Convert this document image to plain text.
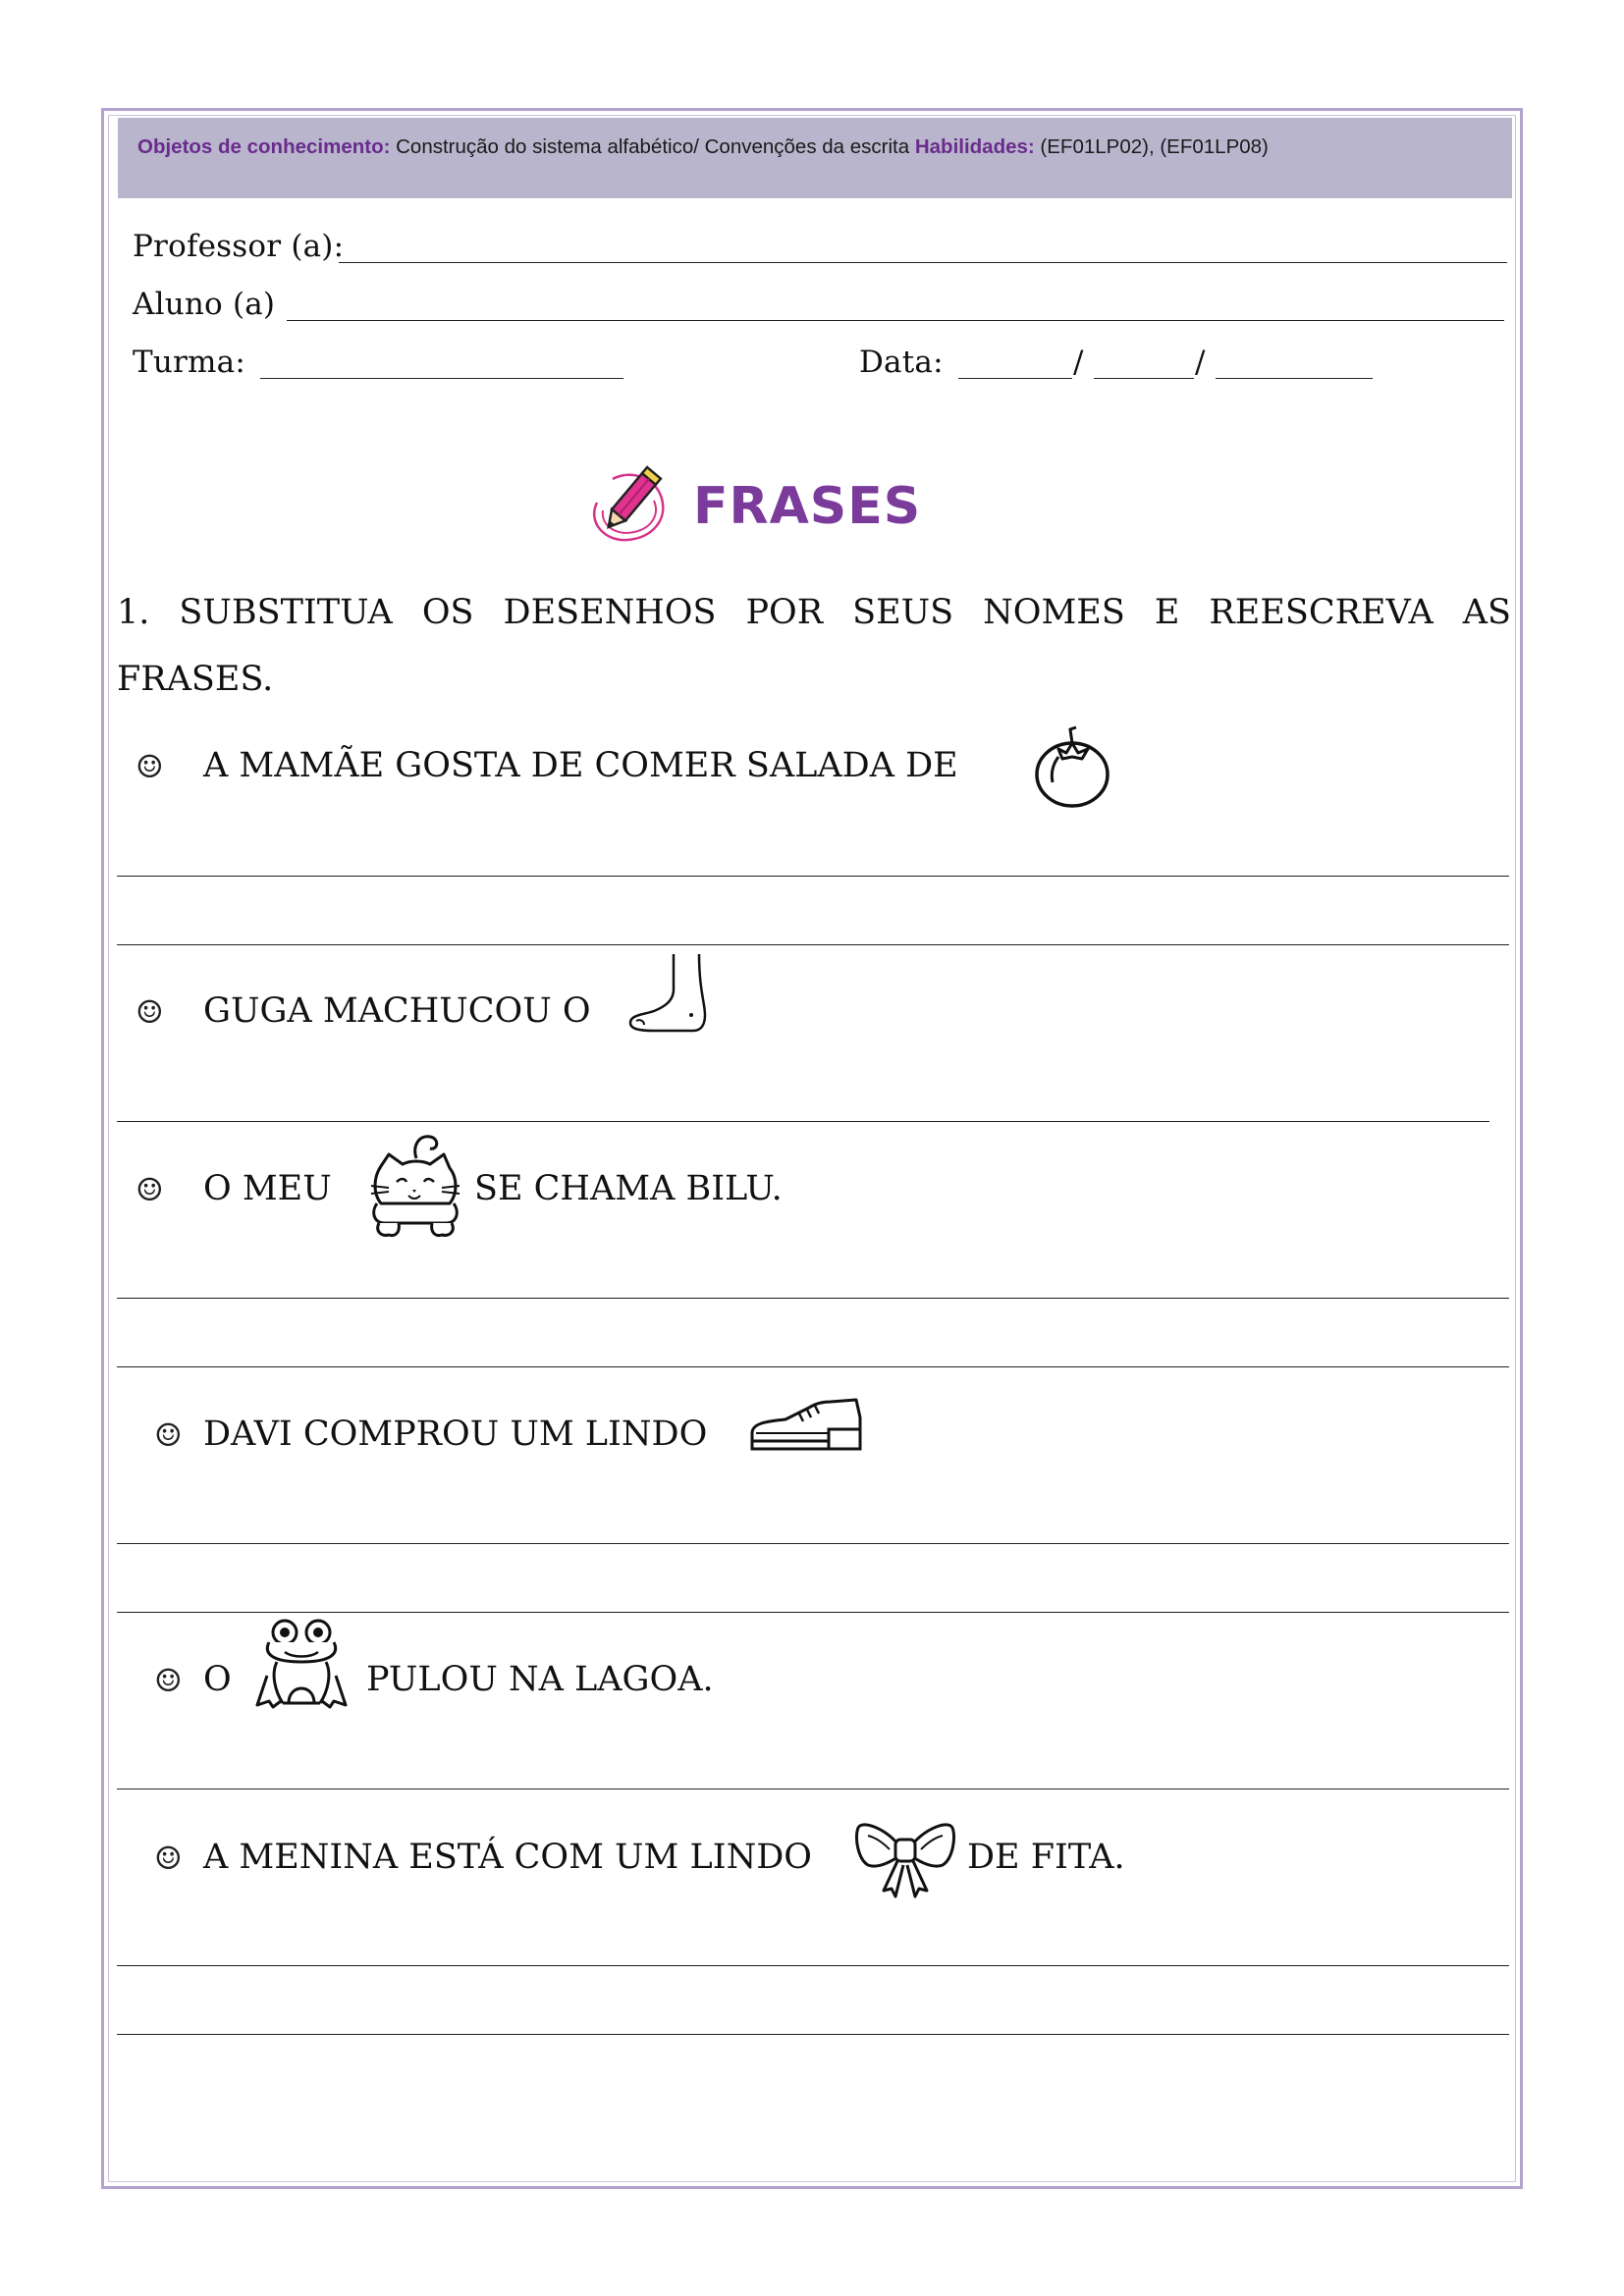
Objetos de conhecimento: Construção do sistema alfabético/ Convenções da escrita Habilidades: (EF01LP02), (EF01LP08)
Professor (a):
Aluno (a)
Turma:	Data:	/	/
FRASES
1. SUBSTITUA OS DESENHOS POR SEUS NOMES E REESCREVA AS FRASES.
☺ A MAMÃE GOSTA DE COMER SALADA DE
☺ GUGA MACHUCOU O
☺ O MEU	SE CHAMA BILU.
☺ DAVI COMPROU UM LINDO
☺ O	PULOU NA LAGOA.
☺ A MENINA ESTÁ COM UM LINDO	DE FITA.
